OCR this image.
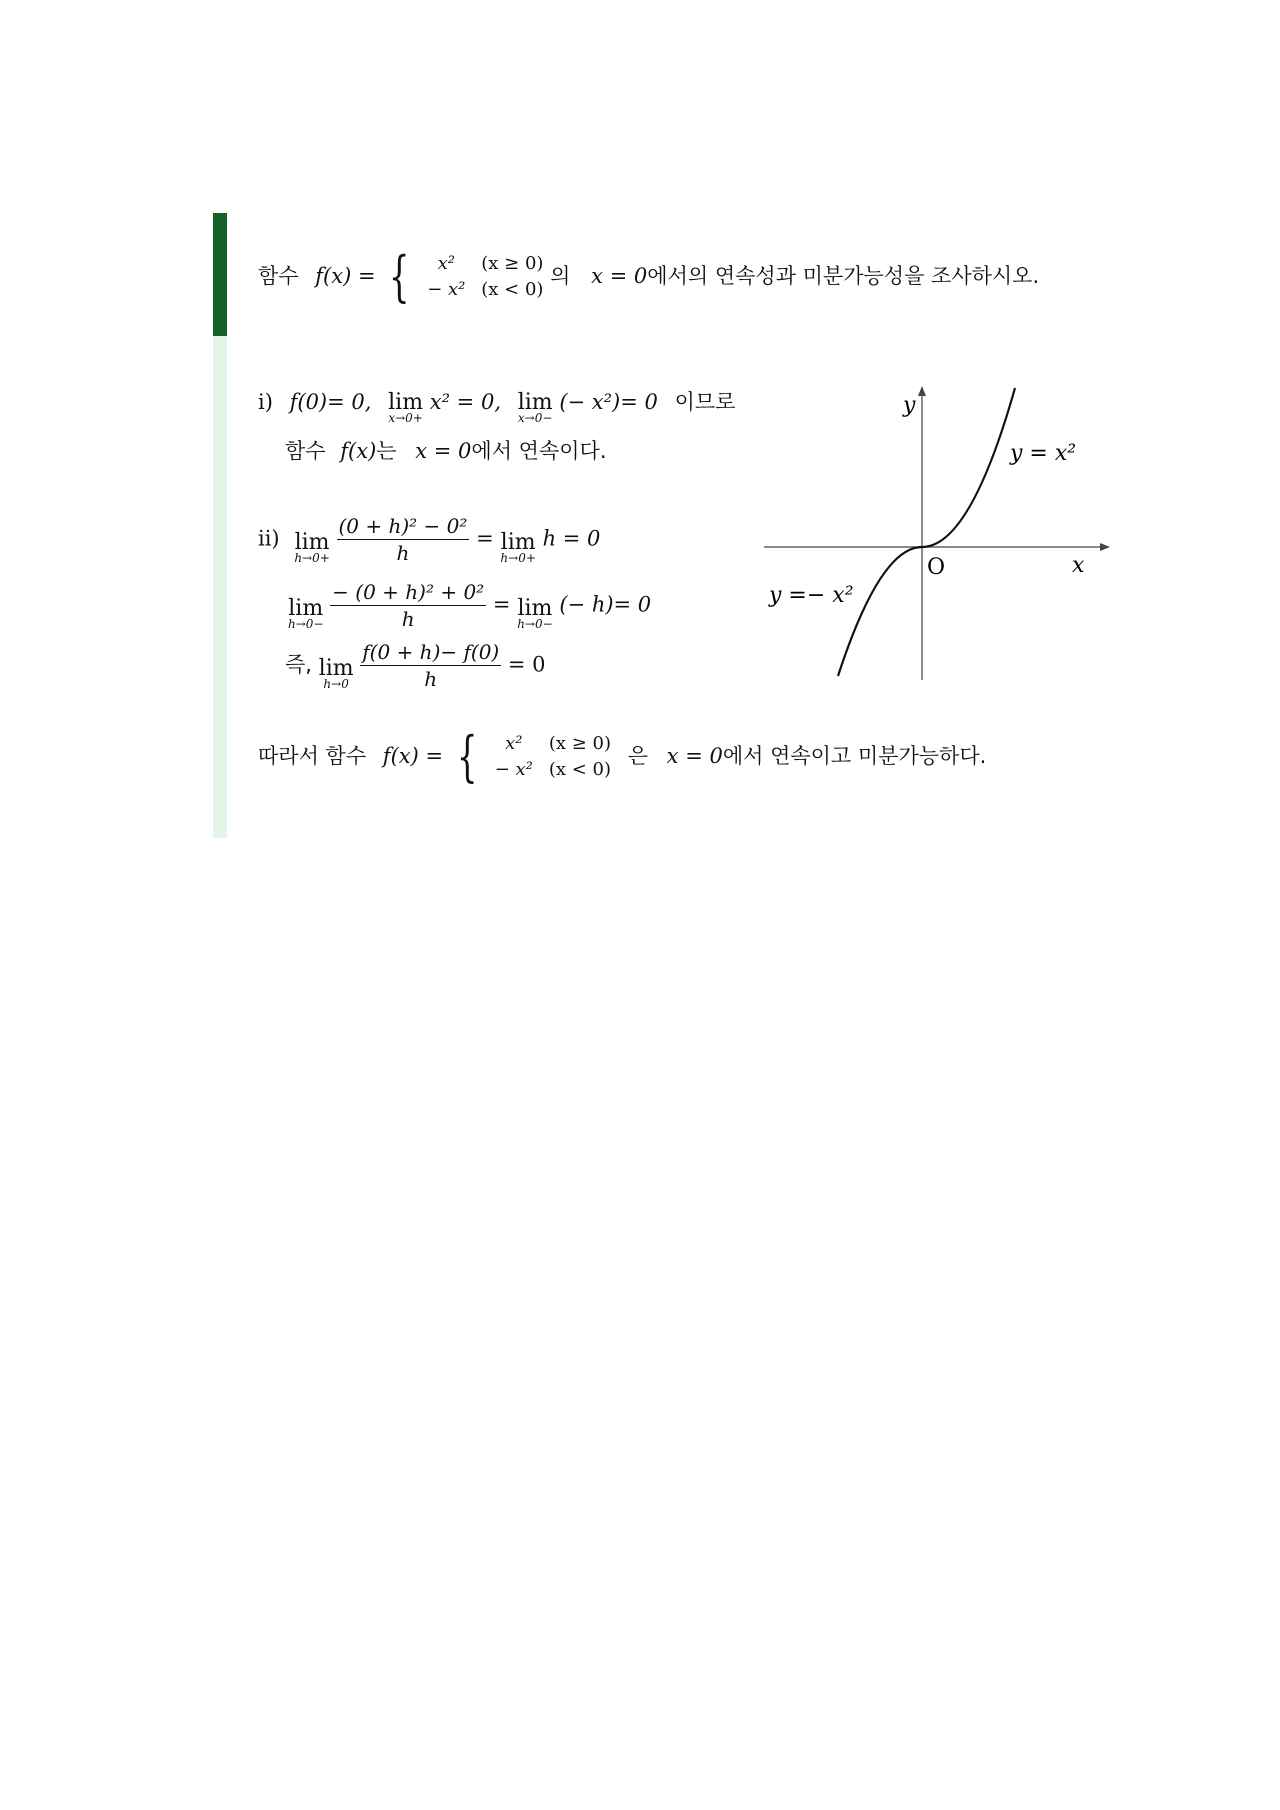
함수 f(x) = {	x² (x ≥ 0)
− x² (x < 0)
의 x = 0에서의 연속성과 미분가능성을 조사하시오.
i) f(0)= 0, lim
x→0+
x² = 0, lim
x→0−
(− x²)= 0 이므로
함수 f(x)는 x = 0에서 연속이다.
ii) lim
h→0+
$\frac{\text{(0 + h)² − 0²}}{h} = \lim$
h→0+
h = 0
lim
h→0−
$\frac{\text{− (0 + h)² + 0²}}{h} = \lim$
h→0−
(− h)= 0
즉, lim
h→0
$\frac{f(0 + h)- f(0)}{h} = 0$
y
x
O
y = x²
y =− x²
따라서 함수 f(x) = {	x² (x ≥ 0)
− x² (x < 0)
은 x = 0에서 연속이고 미분가능하다.
